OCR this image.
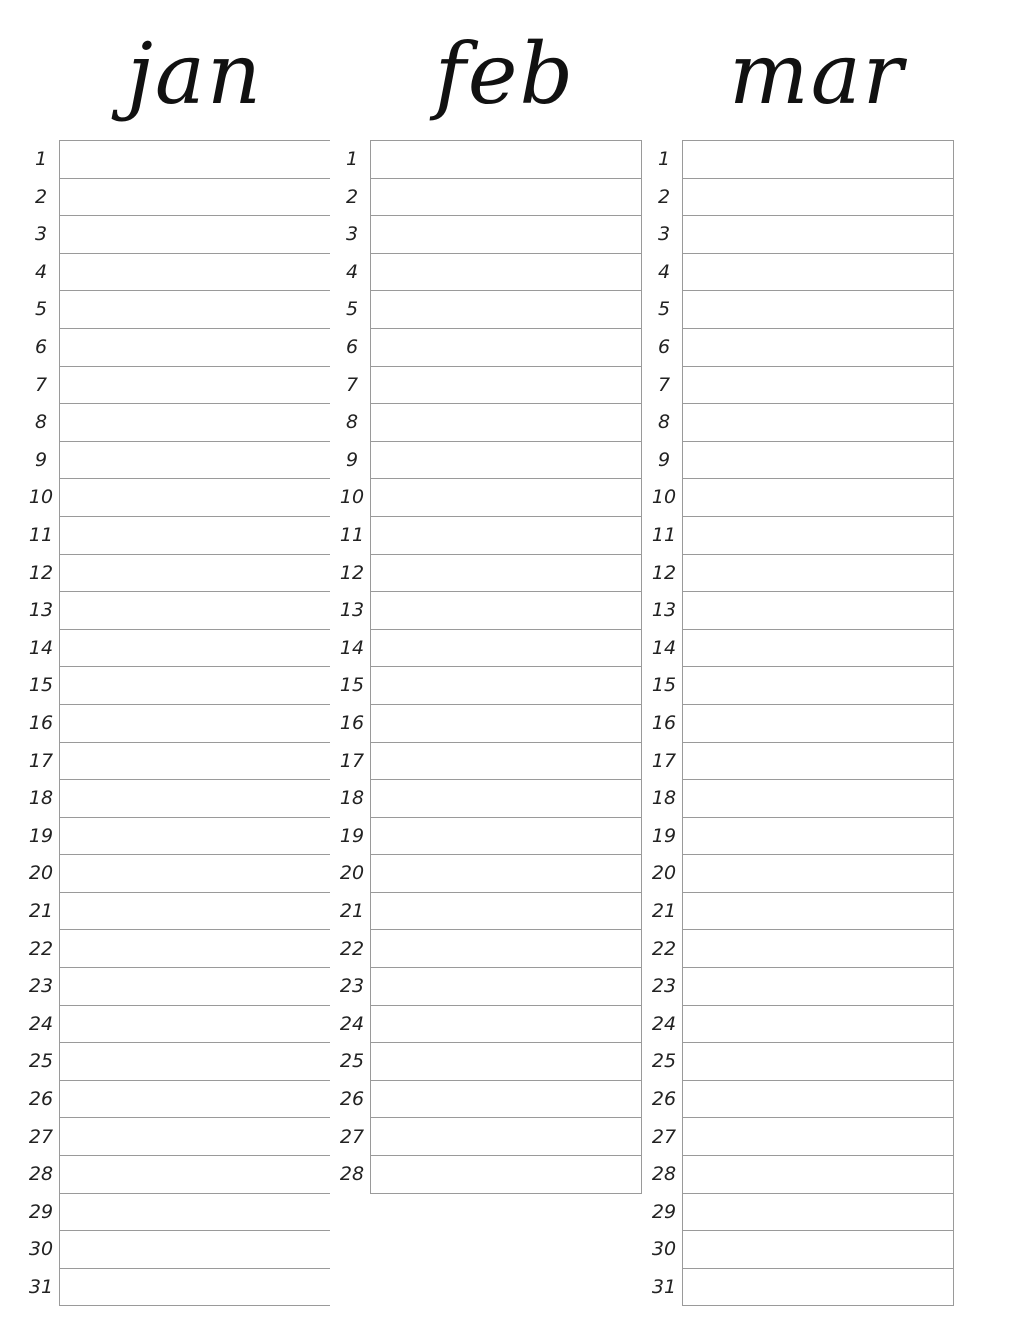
jan
1
2
3
4
5
6
7
8
9
10
11
12
13
14
15
16
17
18
19
20
21
22
23
24
25
26
27
28
29
30
31
feb
1
2
3
4
5
6
7
8
9
10
11
12
13
14
15
16
17
18
19
20
21
22
23
24
25
26
27
28
mar
1
2
3
4
5
6
7
8
9
10
11
12
13
14
15
16
17
18
19
20
21
22
23
24
25
26
27
28
29
30
31
